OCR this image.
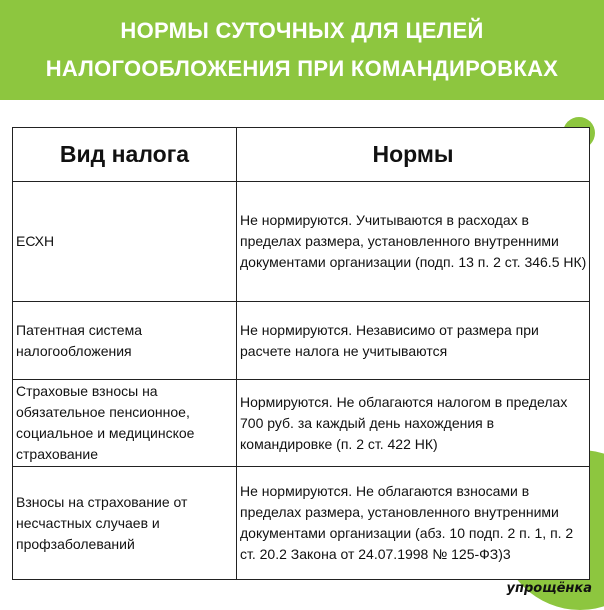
НОРМЫ СУТОЧНЫХ ДЛЯ ЦЕЛЕЙ
НАЛОГООБЛОЖЕНИЯ ПРИ КОМАНДИРОВКАХ
Вид налога	Нормы
ЕСХН	Не нормируются. Учитываются в расходах в пределах размера, установленного внутренними документами организации (подп. 13 п. 2 ст. 346.5 НК)
Патентная система налогообложения	Не нормируются. Независимо от размера при расчете налога не учитываются
Страховые взносы на обязательное пенсионное, социальное и медицинское страхование	Нормируются. Не облагаются налогом в пределах 700 руб. за каждый день нахождения в командировке (п. 2 ст. 422 НК)
Взносы на страхование от несчастных случаев и профзаболеваний	Не нормируются. Не облагаются взносами в пределах размера, установленного внутренними документами организации (абз. 10 подп. 2 п. 1, п. 2 ст. 20.2 Закона от 24.07.1998 № 125-ФЗ)3
упрощёнка
